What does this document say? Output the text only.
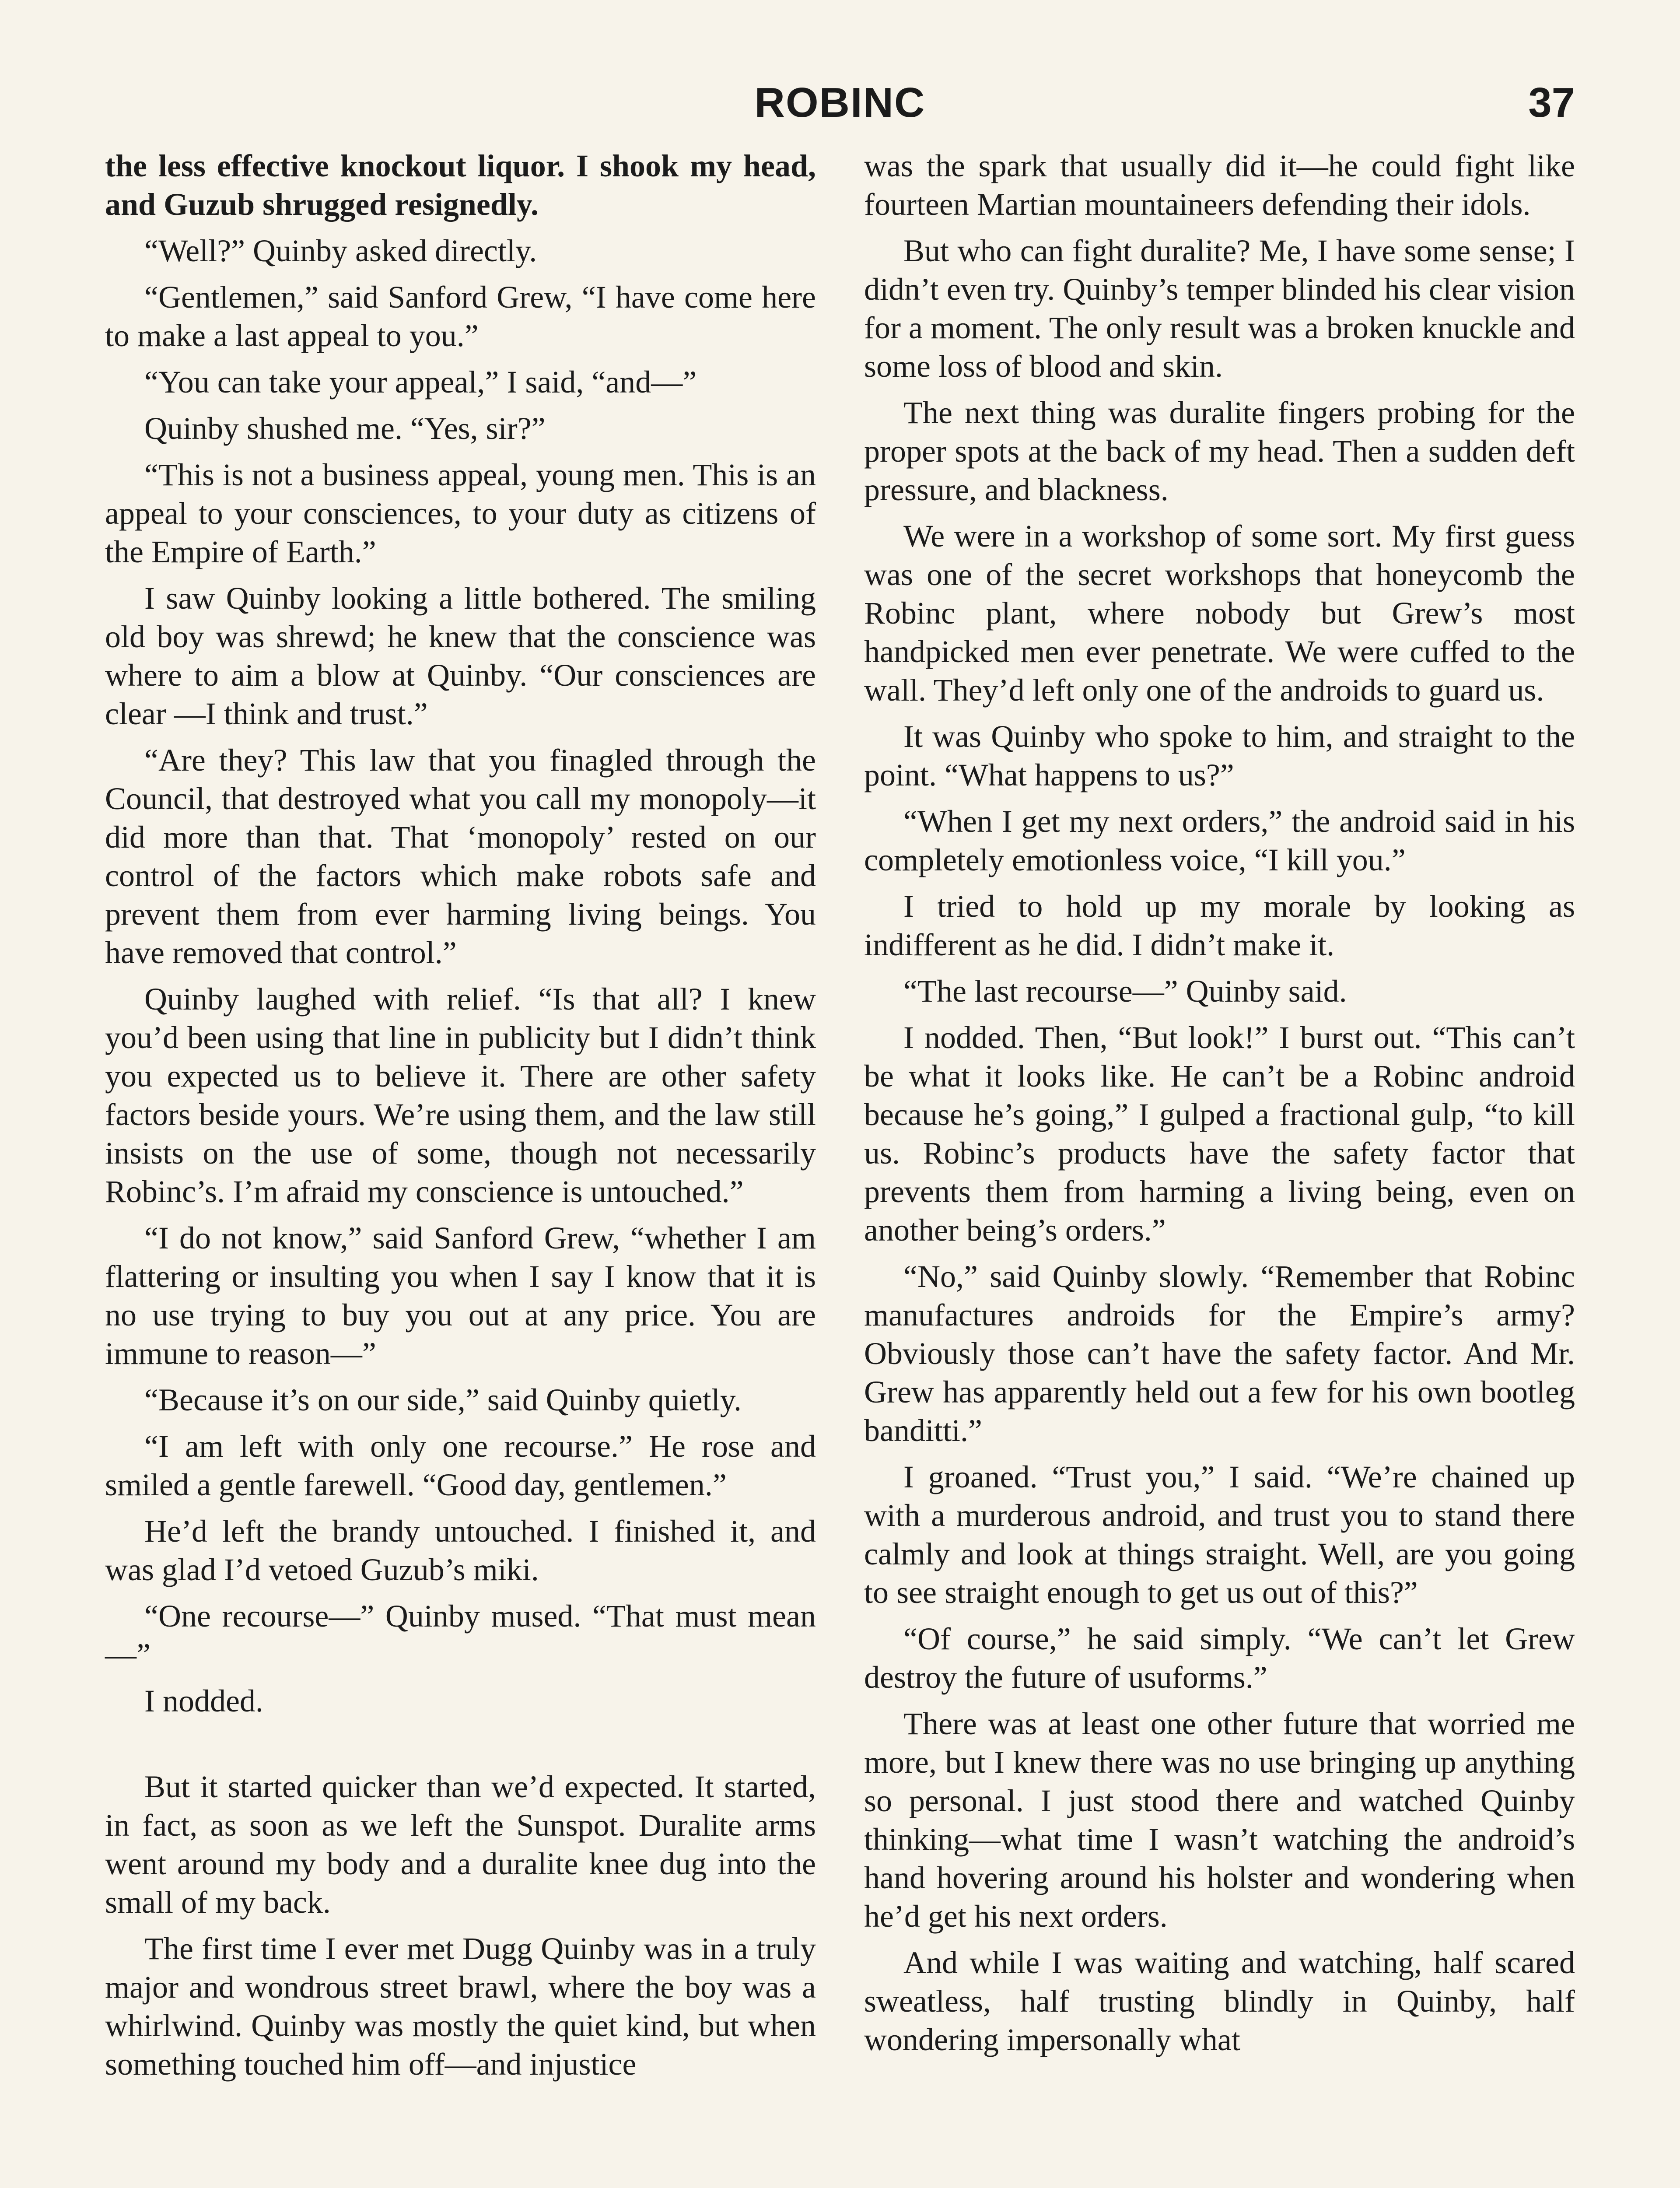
ROBINC	37

the less effective knockout liquor. I shook my head, and Guzub shrugged resignedly.

“Well?” Quinby asked directly.

“Gentlemen,” said Sanford Grew, “I have come here to make a last appeal to you.”

“You can take your appeal,” I said, “and—”

Quinby shushed me. “Yes, sir?”

“This is not a business appeal, young men. This is an appeal to your consciences, to your duty as citizens of the Empire of Earth.”

I saw Quinby looking a little bothered. The smiling old boy was shrewd; he knew that the conscience was where to aim a blow at Quinby. “Our consciences are clear —I think and trust.”

“Are they? This law that you finagled through the Council, that destroyed what you call my monopoly—it did more than that. That ‘monopoly’ rested on our control of the factors which make robots safe and prevent them from ever harming living beings. You have removed that control.”

Quinby laughed with relief. “Is that all? I knew you’d been using that line in publicity but I didn’t think you expected us to believe it. There are other safety factors beside yours. We’re using them, and the law still insists on the use of some, though not necessarily Robinc’s. I’m afraid my conscience is untouched.”

“I do not know,” said Sanford Grew, “whether I am flattering or insulting you when I say I know that it is no use trying to buy you out at any price. You are immune to reason—”

“Because it’s on our side,” said Quinby quietly.

“I am left with only one recourse.” He rose and smiled a gentle farewell. “Good day, gentlemen.”

He’d left the brandy untouched. I finished it, and was glad I’d vetoed Guzub’s miki.

“One recourse—” Quinby mused. “That must mean—”

I nodded.

But it started quicker than we’d expected. It started, in fact, as soon as we left the Sunspot. Duralite arms went around my body and a duralite knee dug into the small of my back.

The first time I ever met Dugg Quinby was in a truly major and wondrous street brawl, where the boy was a whirlwind. Quinby was mostly the quiet kind, but when something touched him off—and injustice

was the spark that usually did it—he could fight like fourteen Martian mountaineers defending their idols.

But who can fight duralite? Me, I have some sense; I didn’t even try. Quinby’s temper blinded his clear vision for a moment. The only result was a broken knuckle and some loss of blood and skin.

The next thing was duralite fingers probing for the proper spots at the back of my head. Then a sudden deft pressure, and blackness.

We were in a workshop of some sort. My first guess was one of the secret workshops that honeycomb the Robinc plant, where nobody but Grew’s most handpicked men ever penetrate. We were cuffed to the wall. They’d left only one of the androids to guard us.

It was Quinby who spoke to him, and straight to the point. “What happens to us?”

“When I get my next orders,” the android said in his completely emotionless voice, “I kill you.”

I tried to hold up my morale by looking as indifferent as he did. I didn’t make it.

“The last recourse—” Quinby said.

I nodded. Then, “But look!” I burst out. “This can’t be what it looks like. He can’t be a Robinc android because he’s going,” I gulped a fractional gulp, “to kill us. Robinc’s products have the safety factor that prevents them from harming a living being, even on another being’s orders.”

“No,” said Quinby slowly. “Remember that Robinc manufactures androids for the Empire’s army? Obviously those can’t have the safety factor. And Mr. Grew has apparently held out a few for his own bootleg banditti.”

I groaned. “Trust you,” I said. “We’re chained up with a murderous android, and trust you to stand there calmly and look at things straight. Well, are you going to see straight enough to get us out of this?”

“Of course,” he said simply. “We can’t let Grew destroy the future of usuforms.”

There was at least one other future that worried me more, but I knew there was no use bringing up anything so personal. I just stood there and watched Quinby thinking—what time I wasn’t watching the android’s hand hovering around his holster and wondering when he’d get his next orders.

And while I was waiting and watching, half scared sweatless, half trusting blindly in Quinby, half wondering impersonally what
